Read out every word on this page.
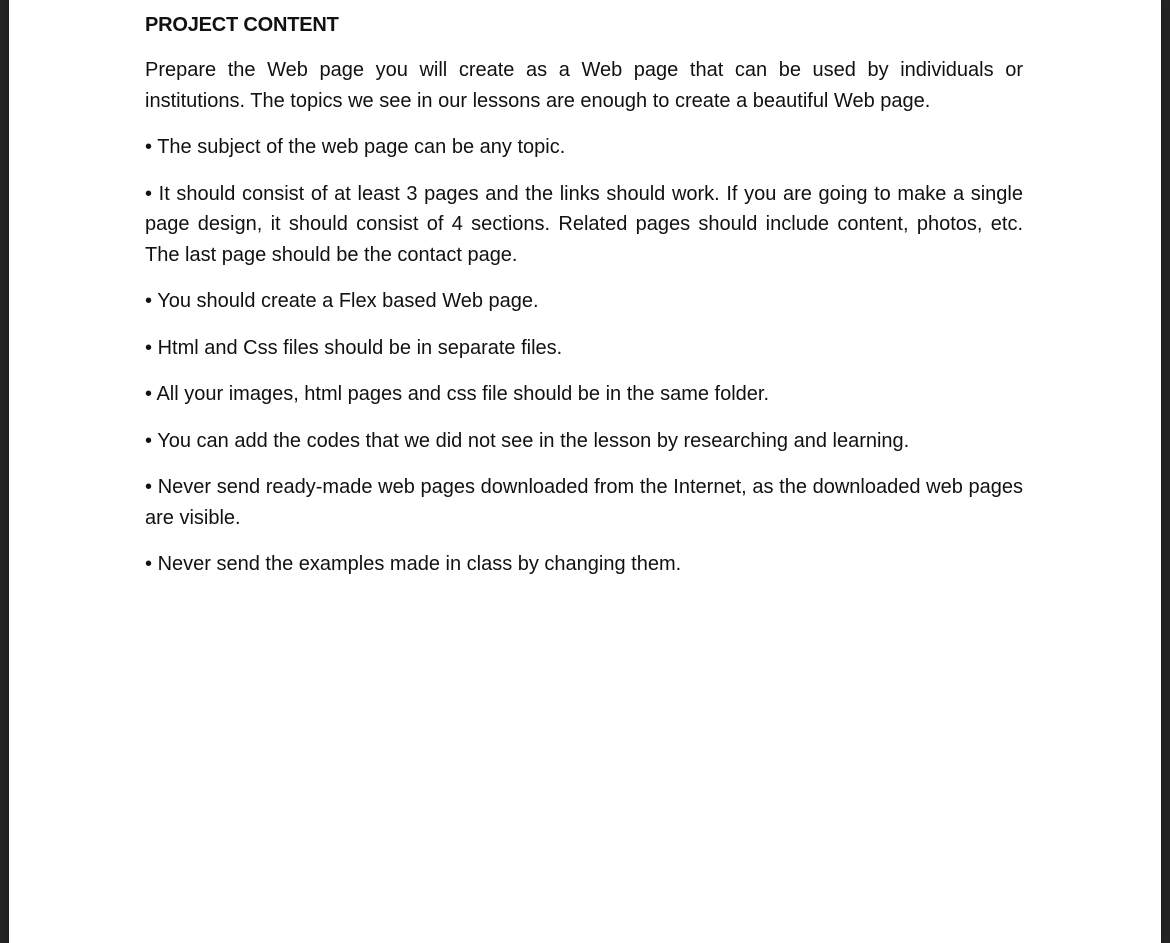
PROJECT CONTENT

Prepare the Web page you will create as a Web page that can be used by individuals or institutions. The topics we see in our lessons are enough to create a beautiful Web page.

• The subject of the web page can be any topic.

• It should consist of at least 3 pages and the links should work. If you are going to make a single page design, it should consist of 4 sections. Related pages should include content, photos, etc. The last page should be the contact page.

• You should create a Flex based Web page.

• Html and Css files should be in separate files.

• All your images, html pages and css file should be in the same folder.

• You can add the codes that we did not see in the lesson by researching and learning.

• Never send ready-made web pages downloaded from the Internet, as the downloaded web pages are visible.

• Never send the examples made in class by changing them.
